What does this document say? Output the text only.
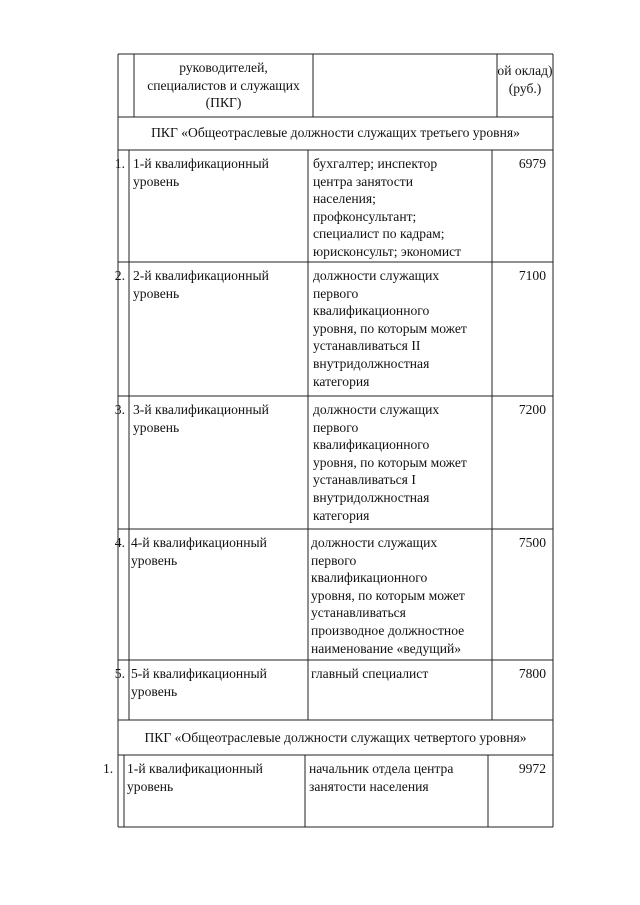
руководителей,
специалистов и служащих
(ПКГ)
ой оклад)
(руб.)
ПКГ «Общеотраслевые должности служащих третьего уровня»
1. 1-й квалификационный
уровень
бухгалтер; инспектор
центра занятости
населения;
профконсультант;
специалист по кадрам;
юрисконсульт; экономист
6979
2. 2-й квалификационный
уровень
должности служащих
первого
квалификационного
уровня, по которым может
устанавливаться II
внутридолжностная
категория
7100
3. 3-й квалификационный
уровень
должности служащих
первого
квалификационного
уровня, по которым может
устанавливаться I
внутридолжностная
категория
7200
4. 4-й квалификационный
уровень
должности служащих
первого
квалификационного
уровня, по которым может
устанавливаться
производное должностное
наименование «ведущий»
7500
5. 5-й квалификационный
уровень
главный специалист	7800
ПКГ «Общеотраслевые должности служащих четвертого уровня»
1.	1-й квалификационный
уровень
начальник отдела центра
занятости населения
9972
